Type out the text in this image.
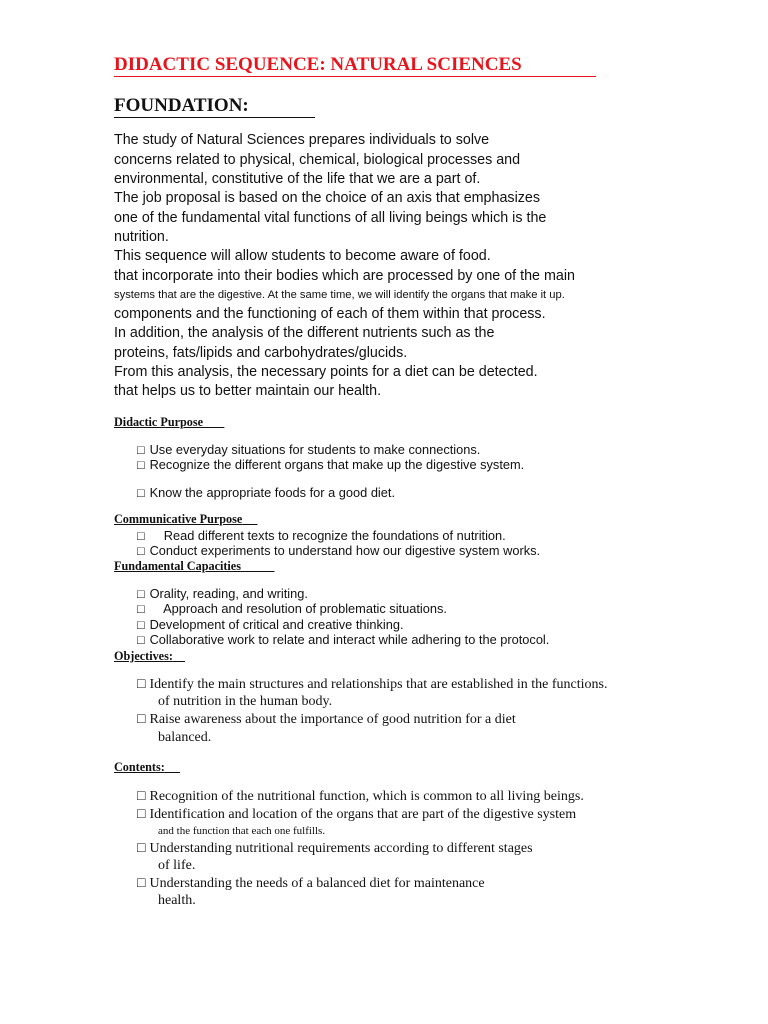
DIDACTIC SEQUENCE: NATURAL SCIENCES
FOUNDATION:
The study of Natural Sciences prepares individuals to solve
concerns related to physical, chemical, biological processes and
environmental, constitutive of the life that we are a part of.
The job proposal is based on the choice of an axis that emphasizes
one of the fundamental vital functions of all living beings which is the
nutrition.
This sequence will allow students to become aware of food.
that incorporate into their bodies which are processed by one of the main
systems that are the digestive. At the same time, we will identify the organs that make it up.
components and the functioning of each of them within that process.
In addition, the analysis of the different nutrients such as the
proteins, fats/lipids and carbohydrates/glucids.
From this analysis, the necessary points for a diet can be detected.
that helps us to better maintain our health.
Didactic Purpose
□ Use everyday situations for students to make connections.
□ Recognize the different organs that make up the digestive system.
□ Know the appropriate foods for a good diet.
Communicative Purpose
□ Read different texts to recognize the foundations of nutrition.
□ Conduct experiments to understand how our digestive system works.
Fundamental Capacities
□ Orality, reading, and writing.
□ Approach and resolution of problematic situations.
□ Development of critical and creative thinking.
□ Collaborative work to relate and interact while adhering to the protocol.
Objectives:
□ Identify the main structures and relationships that are established in the functions.
of nutrition in the human body.
□ Raise awareness about the importance of good nutrition for a diet
balanced.
Contents:
□ Recognition of the nutritional function, which is common to all living beings.
□ Identification and location of the organs that are part of the digestive system
and the function that each one fulfills.
□ Understanding nutritional requirements according to different stages
of life.
□ Understanding the needs of a balanced diet for maintenance
health.
